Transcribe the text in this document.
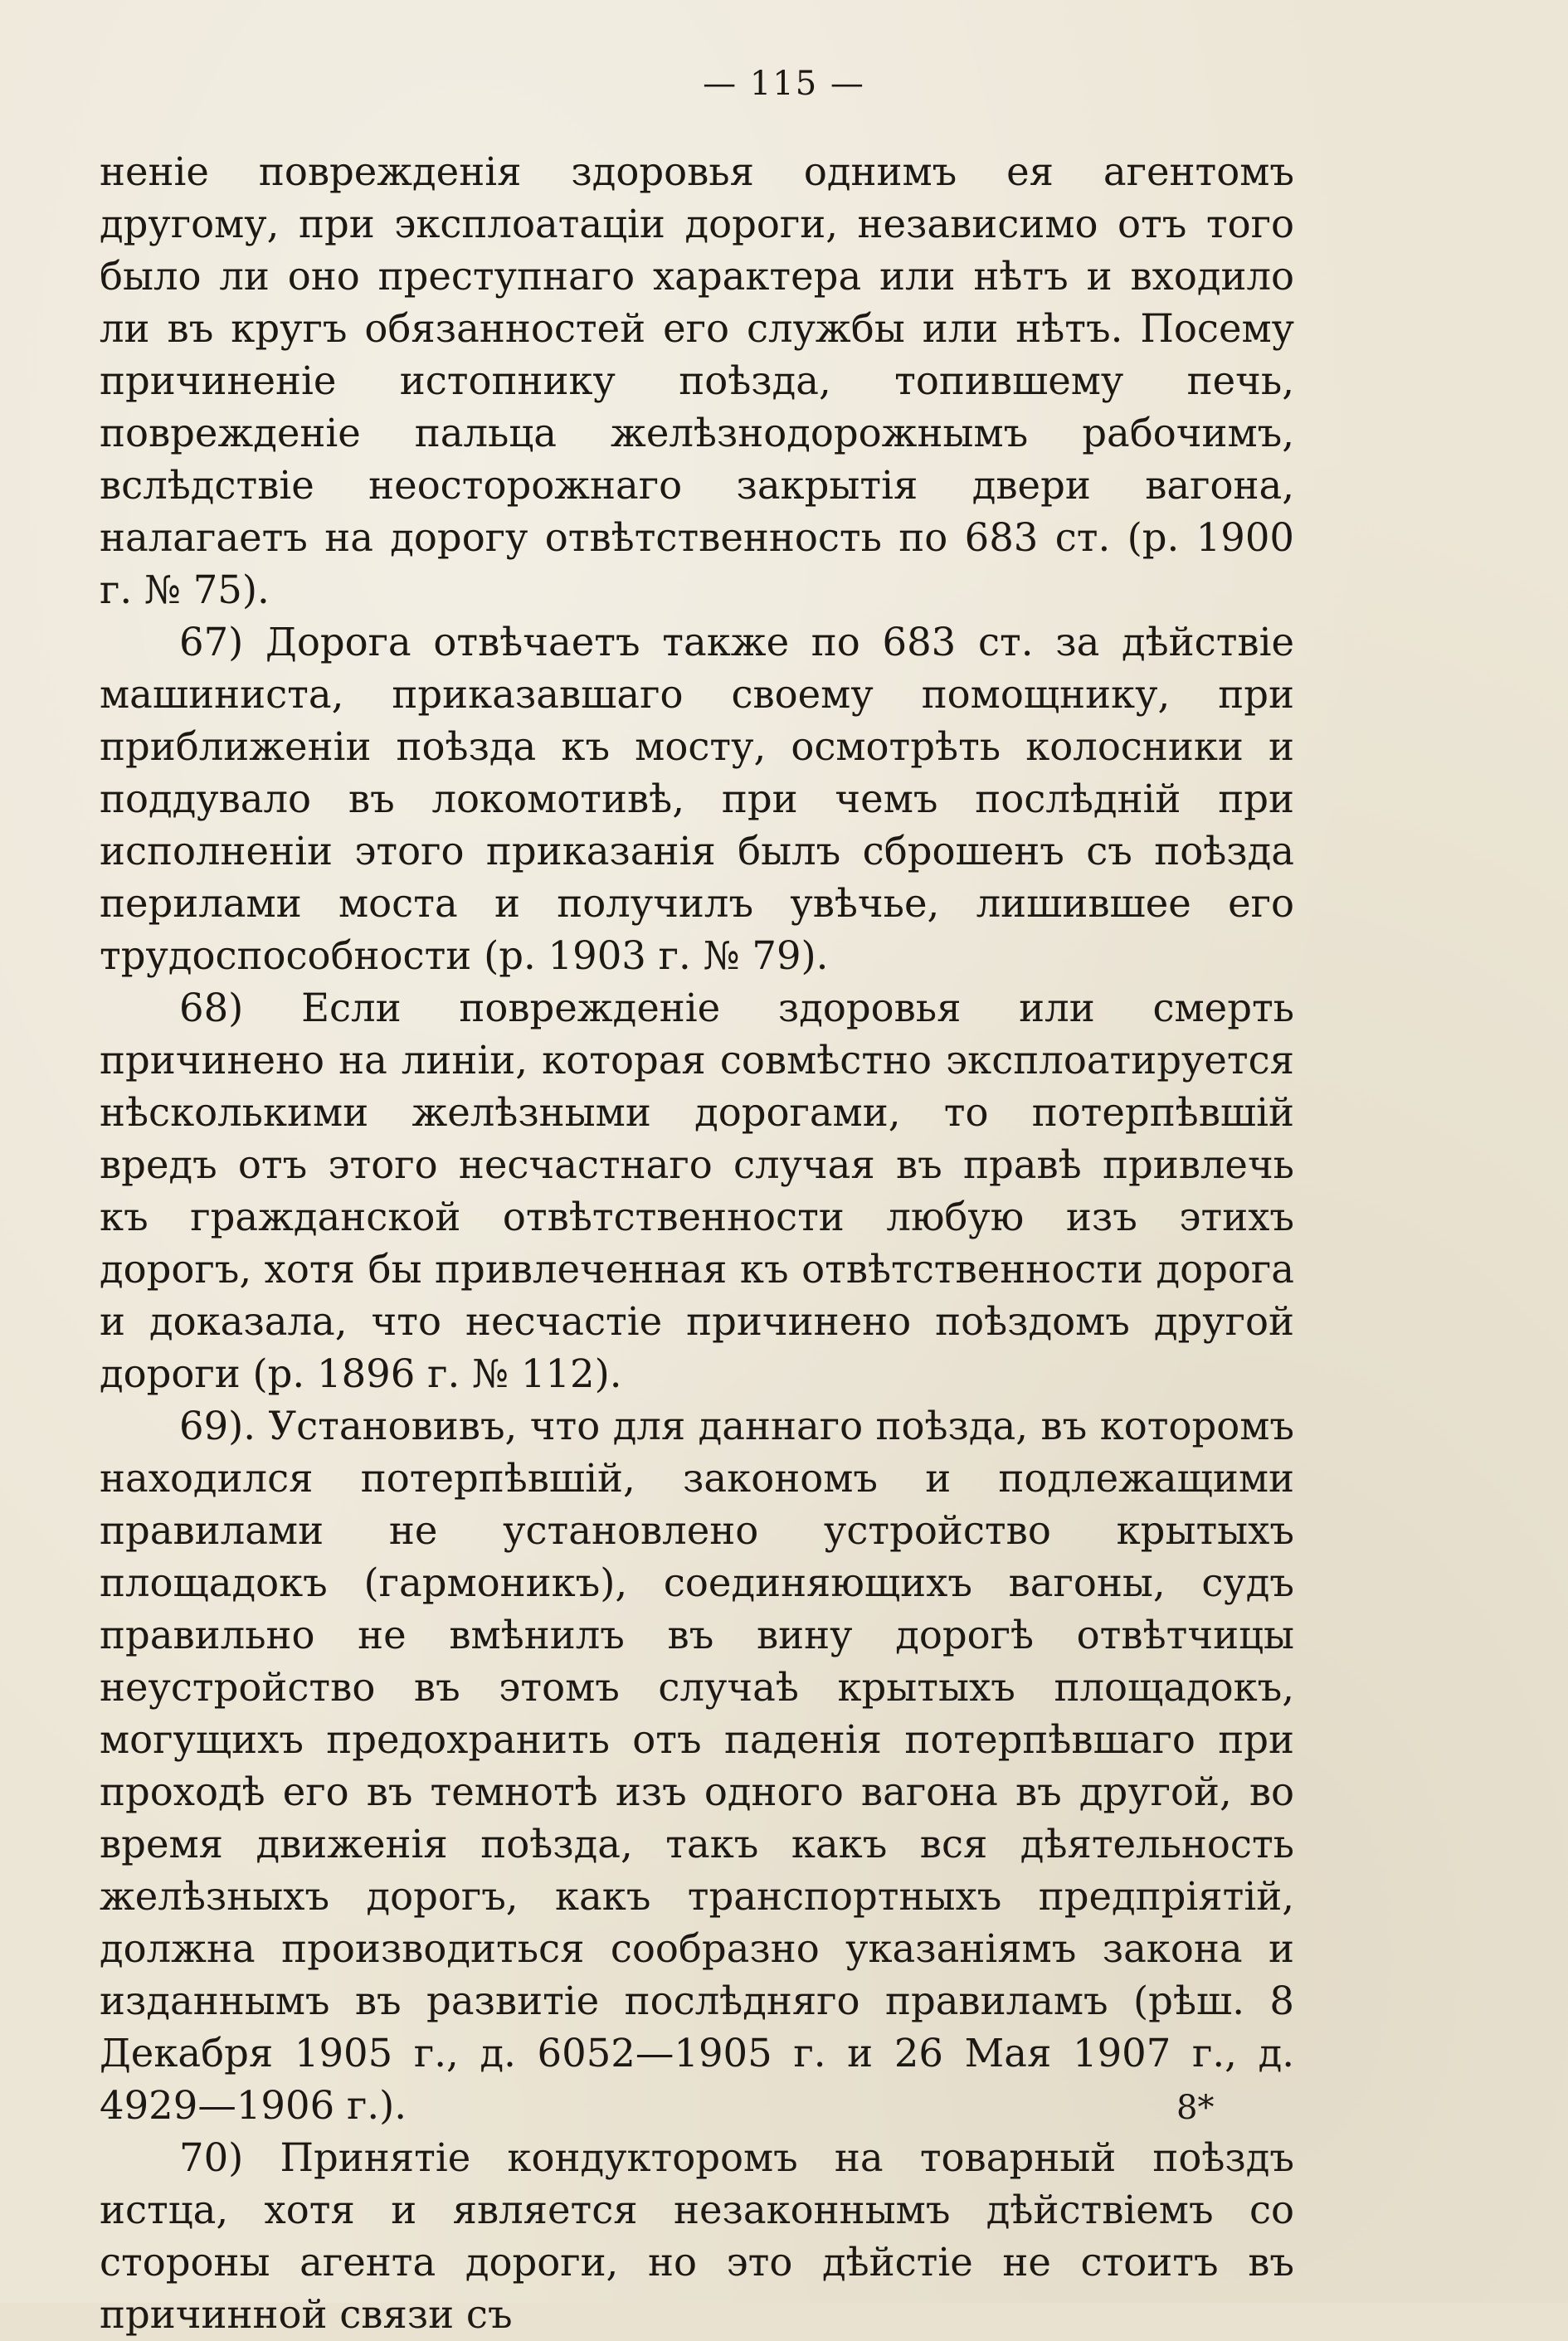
— 115 —

неніе поврежденія здоровья однимъ ея агентомъ другому, при эксплоатаціи дороги, независимо отъ того было ли оно преступнаго характера или нѣтъ и входило ли въ кругъ обязанностей его службы или нѣтъ. Посему причиненіе истопнику поѣзда, топившему печь, поврежденіе пальца желѣзнодорожнымъ рабочимъ, вслѣдствіе неосторожнаго закрытія двери вагона, налагаетъ на дорогу отвѣтственность по 683 ст. (р. 1900 г. № 75).

67) Дорога отвѣчаетъ также по 683 ст. за дѣйствіе машиниста, приказавшаго своему помощнику, при приближеніи поѣзда къ мосту, осмотрѣть колосники и поддувало въ локомотивѣ, при чемъ послѣдній при исполненіи этого приказанія былъ сброшенъ съ поѣзда перилами моста и получилъ увѣчье, лишившее его трудоспособности (р. 1903 г. № 79).

68) Если поврежденіе здоровья или смерть причинено на линіи, которая совмѣстно эксплоатируется нѣсколькими желѣзными дорогами, то потерпѣвшій вредъ отъ этого несчастнаго случая въ правѣ привлечь къ гражданской отвѣтственности любую изъ этихъ дорогъ, хотя бы привлеченная къ отвѣтственности дорога и доказала, что несчастіе причинено поѣздомъ другой дороги (р. 1896 г. № 112).

69). Установивъ, что для даннаго поѣзда, въ которомъ находился потерпѣвшій, закономъ и подлежащими правилами не установлено устройство крытыхъ площадокъ (гармоникъ), соединяющихъ вагоны, судъ правильно не вмѣнилъ въ вину дорогѣ отвѣтчицы неустройство въ этомъ случаѣ крытыхъ площадокъ, могущихъ предохранить отъ паденія потерпѣвшаго при проходѣ его въ темнотѣ изъ одного вагона въ другой, во время движенія поѣзда, такъ какъ вся дѣятельность желѣзныхъ дорогъ, какъ транспортныхъ предпріятій, должна производиться сообразно указаніямъ закона и изданнымъ въ развитіе послѣдняго правиламъ (рѣш. 8 Декабря 1905 г., д. 6052—1905 г. и 26 Мая 1907 г., д. 4929—1906 г.).

70) Принятіе кондукторомъ на товарный поѣздъ истца, хотя и является незаконнымъ дѣйствіемъ со стороны агента дороги, но это дѣйстіе не стоитъ въ причинной связи съ

8*
